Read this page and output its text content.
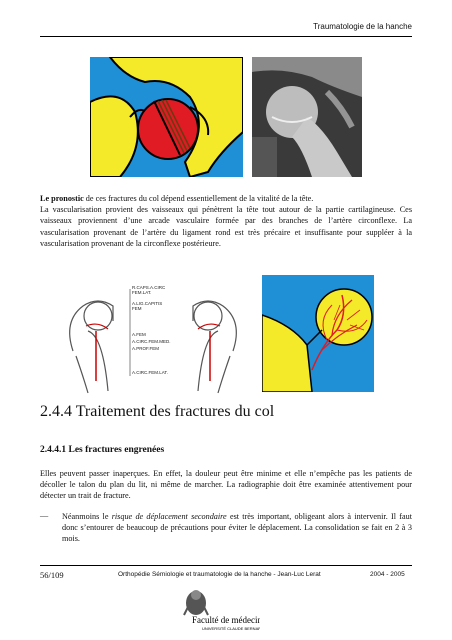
Traumatologie de la hanche

Le pronostic de ces fractures du col dépend essentiellement de la vitalité de la tête.

La vascularisation provient des vaisseaux qui pénètrent la tête tout autour de la partie cartilagineuse. Ces vaisseaux proviennent d’une arcade vasculaire formée par des branches de l’artère circonflexe. La vascularisation provenant de l’artère du ligament rond est très précaire et insuffisante pour suppléer à la vascularisation provenant de la circonflexe postérieure.

R.CAPS.A.CIRC
FEM.LAT.
A.LIG.CAPITIS
FEM
A.FEM
A.CIRC.FEM.MED.
A.PROF.FEM
A.CIRC.FEM.LAT.
2.4.4 Traitement des fractures du col
2.4.4.1 Les fractures engrenées

Elles peuvent passer inaperçues. En effet, la douleur peut être minime et elle n’empêche pas les patients de décoller le talon du plan du lit, ni même de marcher. La radiographie doit être examinée attentivement pour détecter un trait de fracture.

— Néanmoins le risque de déplacement secondaire est très important, obligeant alors à intervenir. Il faut donc s’entourer de beaucoup de précautions pour éviter le déplacement. La consolidation se fait en 2 à 3 mois.

56/109	Orthopédie Sémiologie et traumatologie de la hanche - Jean-Luc Lerat	2004 - 2005
Faculté de médecine
UNIVERSITÉ CLAUDE BERNARD
